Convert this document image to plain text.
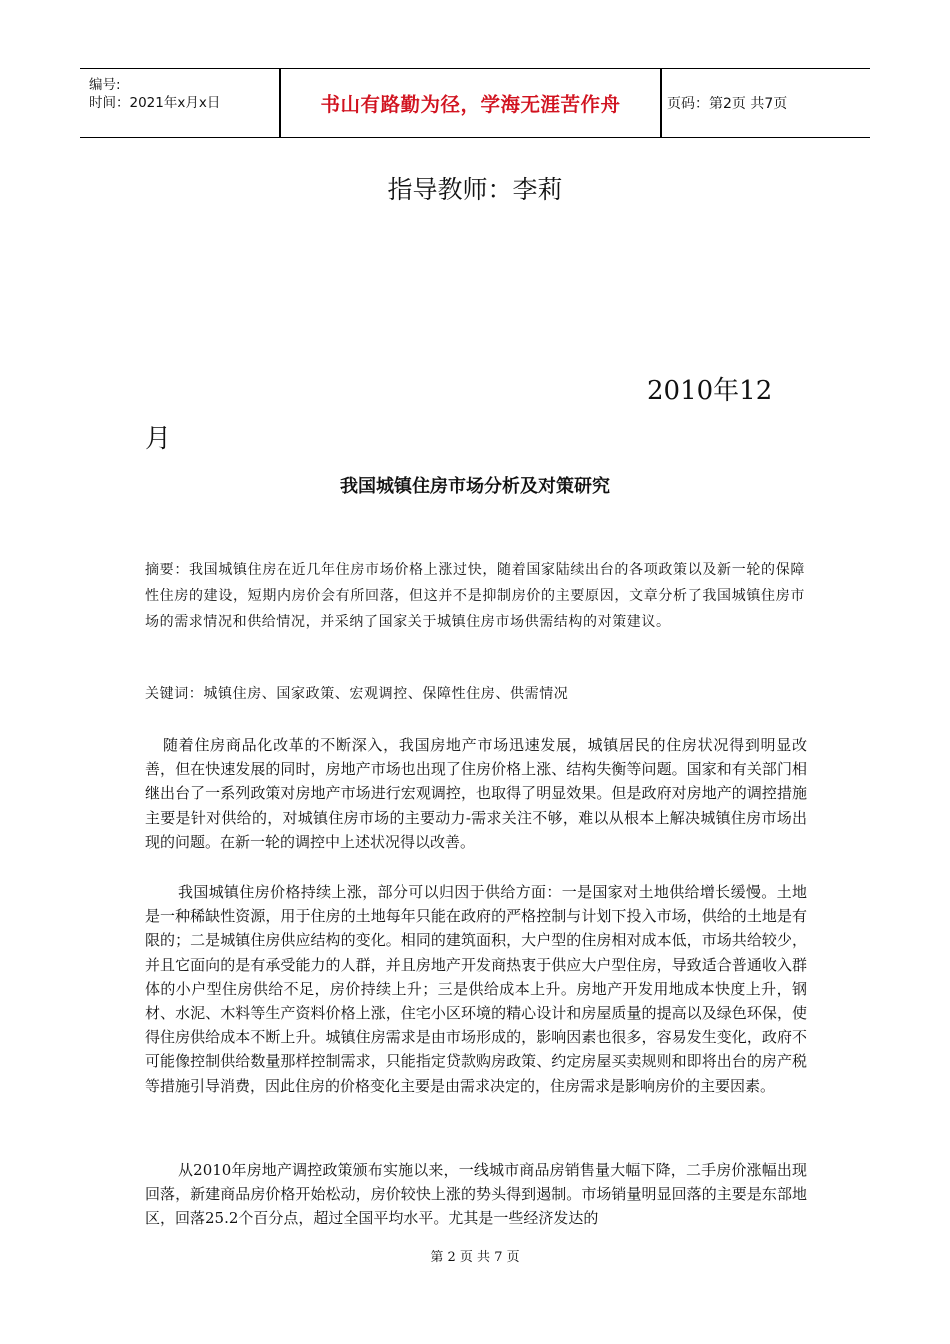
编号:
时间：2021年x月x日	书山有路勤为径，学海无涯苦作舟	页码：第2页 共7页
指导教师：李莉
2010年12
月
我国城镇住房市场分析及对策研究
摘要：我国城镇住房在近几年住房市场价格上涨过快，随着国家陆续出台的各项政策以及新一轮的保障性住房的建设，短期内房价会有所回落，但这并不是抑制房价的主要原因，文章分析了我国城镇住房市场的需求情况和供给情况，并采纳了国家关于城镇住房市场供需结构的对策建议。
关键词：城镇住房、国家政策、宏观调控、保障性住房、供需情况
随着住房商品化改革的不断深入，我国房地产市场迅速发展，城镇居民的住房状况得到明显改善，但在快速发展的同时，房地产市场也出现了住房价格上涨、结构失衡等问题。国家和有关部门相继出台了一系列政策对房地产市场进行宏观调控，也取得了明显效果。但是政府对房地产的调控措施主要是针对供给的，对城镇住房市场的主要动力-需求关注不够，难以从根本上解决城镇住房市场出现的问题。在新一轮的调控中上述状况得以改善。
我国城镇住房价格持续上涨，部分可以归因于供给方面：一是国家对土地供给增长缓慢。土地是一种稀缺性资源，用于住房的土地每年只能在政府的严格控制与计划下投入市场，供给的土地是有限的；二是城镇住房供应结构的变化。相同的建筑面积，大户型的住房相对成本低，市场共给较少，并且它面向的是有承受能力的人群，并且房地产开发商热衷于供应大户型住房，导致适合普通收入群体的小户型住房供给不足，房价持续上升；三是供给成本上升。房地产开发用地成本快度上升，钢材、水泥、木料等生产资料价格上涨，住宅小区环境的精心设计和房屋质量的提高以及绿色环保，使得住房供给成本不断上升。城镇住房需求是由市场形成的，影响因素也很多，容易发生变化，政府不可能像控制供给数量那样控制需求，只能指定贷款购房政策、约定房屋买卖规则和即将出台的房产税等措施引导消费，因此住房的价格变化主要是由需求决定的，住房需求是影响房价的主要因素。
从2010年房地产调控政策颁布实施以来，一线城市商品房销售量大幅下降，二手房价涨幅出现回落，新建商品房价格开始松动，房价较快上涨的势头得到遏制。市场销量明显回落的主要是东部地区，回落25.2个百分点，超过全国平均水平。尤其是一些经济发达的
第 2 页 共 7 页
